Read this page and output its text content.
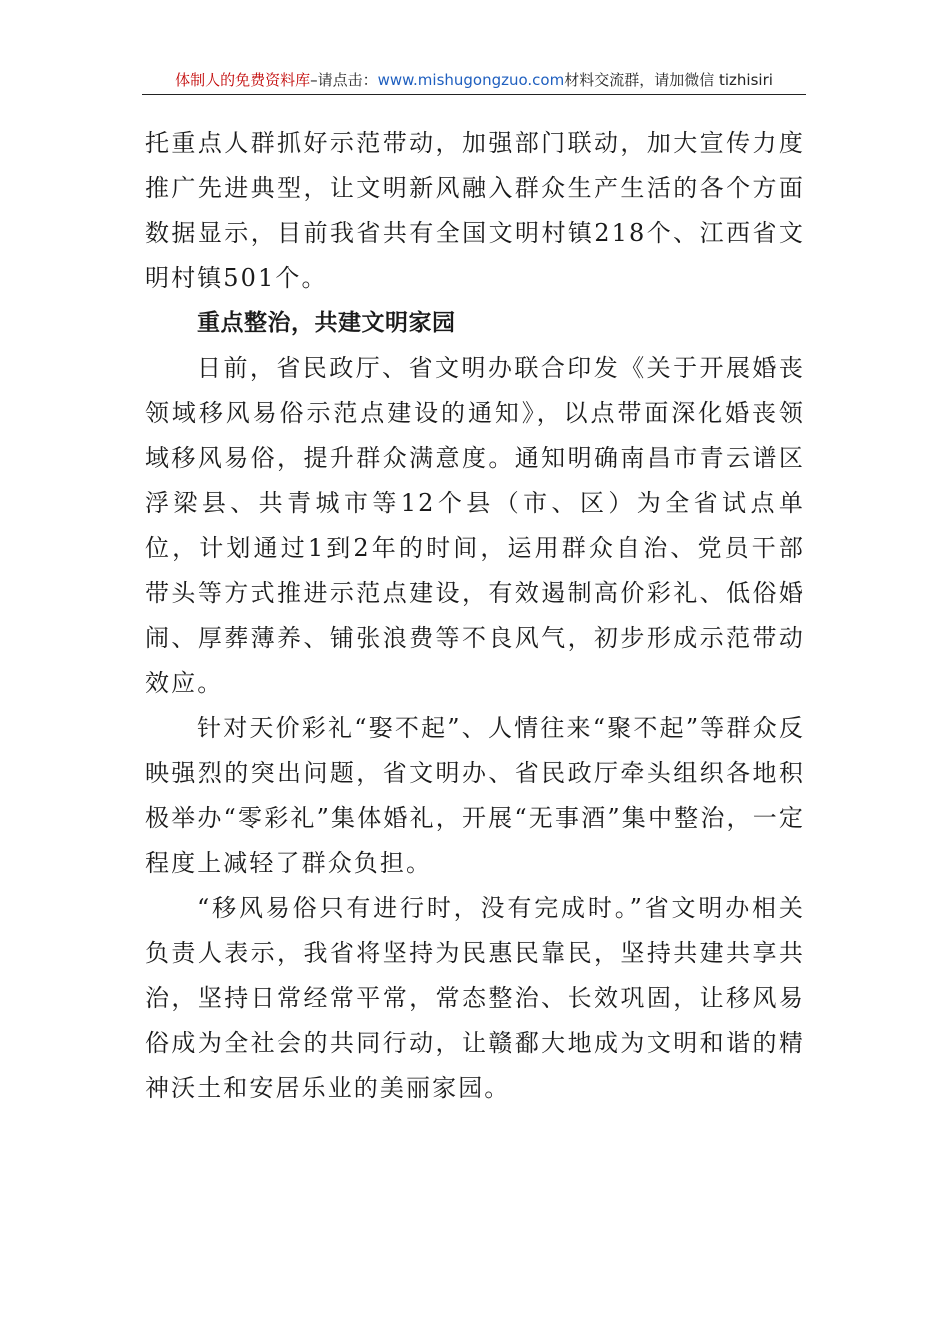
体制人的免费资料库–请点击：www.mishugongzuo.com材料交流群，请加微信 tizhisiri

托重点人群抓好示范带动，加强部门联动，加大宣传力度推广先进典型，让文明新风融入群众生产生活的各个方面数据显示，目前我省共有全国文明村镇218个、江西省文明村镇501个。

重点整治，共建文明家园

日前，省民政厅、省文明办联合印发《关于开展婚丧领域移风易俗示范点建设的通知》，以点带面深化婚丧领域移风易俗，提升群众满意度。通知明确南昌市青云谱区浮梁县、共青城市等12个县（市、区）为全省试点单位，计划通过1到2年的时间，运用群众自治、党员干部带头等方式推进示范点建设，有效遏制高价彩礼、低俗婚闹、厚葬薄养、铺张浪费等不良风气，初步形成示范带动效应。

针对天价彩礼“娶不起”、人情往来“聚不起”等群众反映强烈的突出问题，省文明办、省民政厅牵头组织各地积极举办“零彩礼”集体婚礼，开展“无事酒”集中整治，一定程度上减轻了群众负担。

“移风易俗只有进行时，没有完成时。”省文明办相关负责人表示，我省将坚持为民惠民靠民，坚持共建共享共治，坚持日常经常平常，常态整治、长效巩固，让移风易俗成为全社会的共同行动，让赣鄱大地成为文明和谐的精神沃土和安居乐业的美丽家园。
